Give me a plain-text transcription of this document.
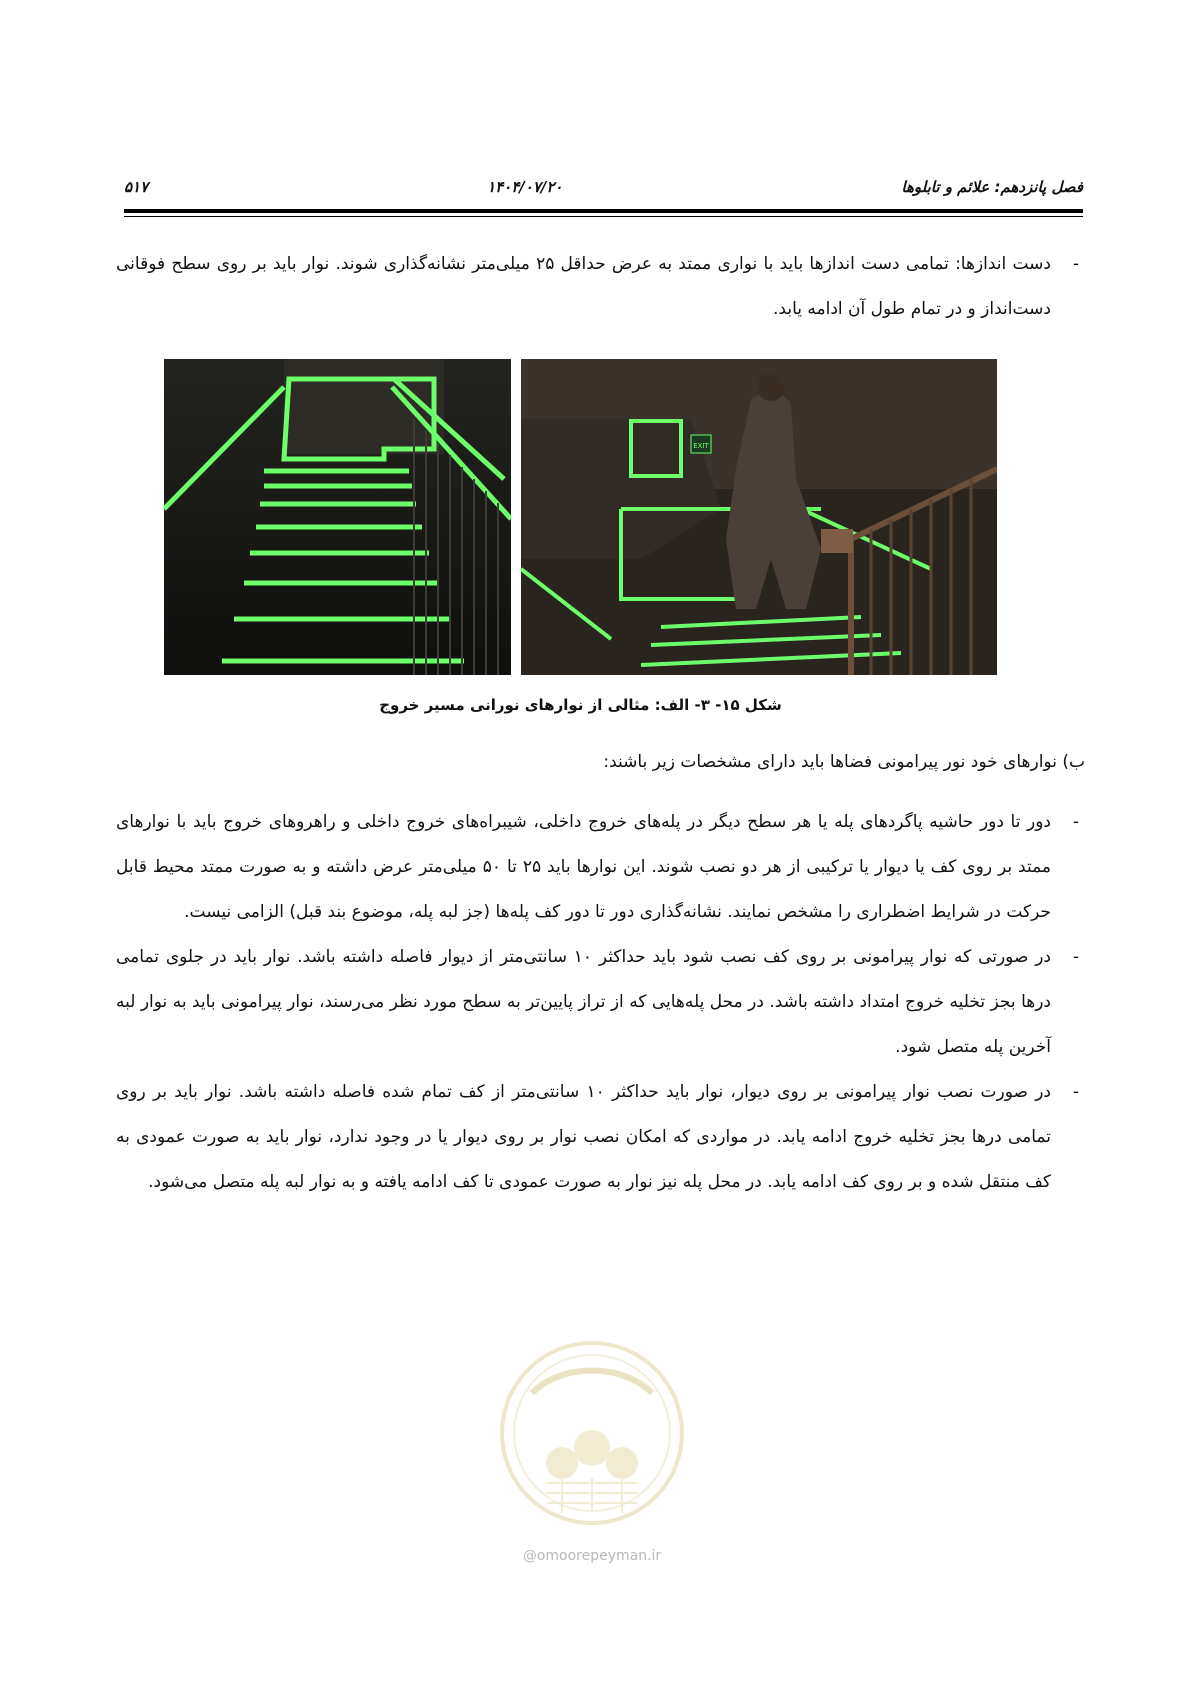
فصل پانزدهم: علائم و تابلوها
۱۴۰۴/۰۷/۲۰
۵۱۷
-
دست اندازها: تمامی دست اندازها باید با نواری ممتد به عرض حداقل ۲۵ میلی‌متر نشانه‌گذاری شوند. نوار باید بر روی سطح فوقانی دست‌انداز و در تمام طول آن ادامه یابد.
EXIT
شکل ۱۵- ۳- الف: مثالی از نوارهای نورانی مسیر خروج
ب) نوارهای خود نور پیرامونی فضاها باید دارای مشخصات زیر باشند:
-
دور تا دور حاشیه پاگردهای پله یا هر سطح دیگر در پله‌های خروج داخلی، شیبراه‌های خروج داخلی و راهروهای خروج باید با نوارهای ممتد بر روی کف یا دیوار یا ترکیبی از هر دو نصب شوند. این نوارها باید ۲۵ تا ۵۰ میلی‌متر عرض داشته و به صورت ممتد محیط قابل حرکت در شرایط اضطراری را مشخص نمایند. نشانه‌گذاری دور تا دور کف پله‌ها (جز لبه پله، موضوع بند قبل) الزامی نیست.
-
در صورتی که نوار پیرامونی بر روی کف نصب شود باید حداکثر ۱۰ سانتی‌متر از دیوار فاصله داشته باشد. نوار باید در جلوی تمامی درها بجز تخلیه خروج امتداد داشته باشد. در محل پله‌هایی که از تراز پایین‌تر به سطح مورد نظر می‌رسند، نوار پیرامونی باید به نوار لبه آخرین پله متصل شود.
-
در صورت نصب نوار پیرامونی بر روی دیوار، نوار باید حداکثر ۱۰ سانتی‌متر از کف تمام شده فاصله داشته باشد. نوار باید بر روی تمامی درها بجز تخلیه خروج ادامه یابد. در مواردی که امکان نصب نوار بر روی دیوار یا در وجود ندارد، نوار باید به صورت عمودی به کف منتقل شده و بر روی کف ادامه یابد. در محل پله نیز نوار به صورت عمودی تا کف ادامه یافته و به نوار لبه پله متصل می‌شود.
@omoorepeyman.ir
